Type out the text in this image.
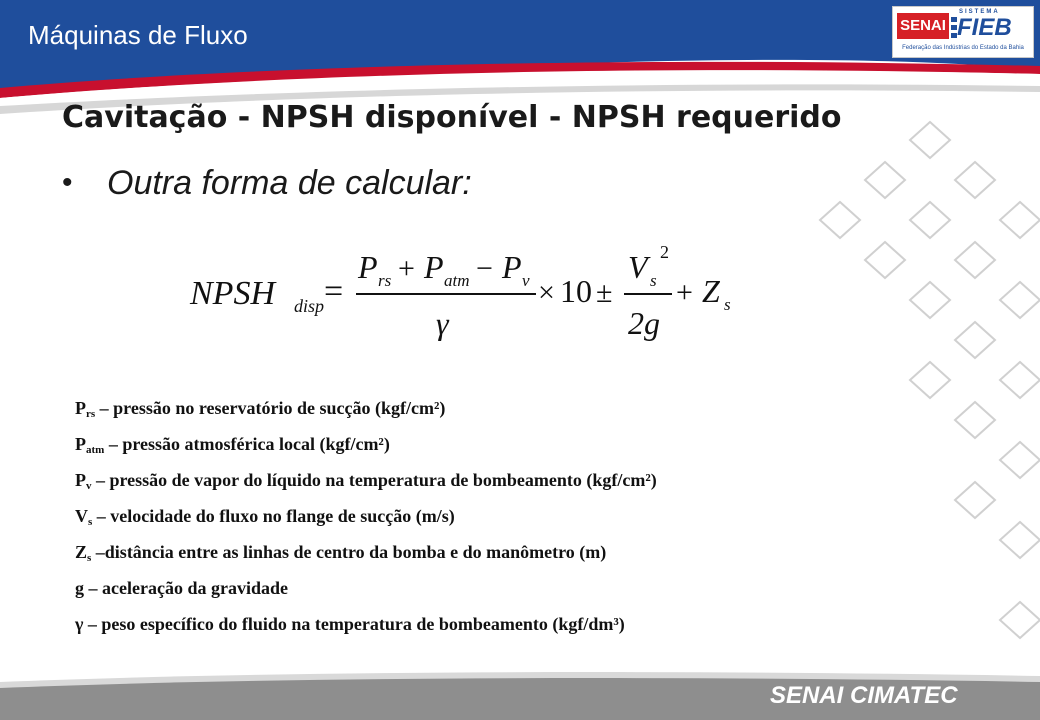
Máquinas de Fluxo	SENAI
SISTEMA
FIEB
Federação das Indústrias do Estado da Bahia
Cavitação - NPSH disponível - NPSH requerido
• Outra forma de calcular:
NPSH disp =
P rs + P atm − P v
γ
× 10 ±
V s
2
2g
+ Z s
$P_{rs}$ – pressão no reservatório de sucção (kgf/cm²)
$P_{atm}$ – pressão atmosférica local (kgf/cm²)
$P_v$ – pressão de vapor do líquido na temperatura de bombeamento (kgf/cm²)
$V_s$ – velocidade do fluxo no flange de sucção (m/s)
$Z_s$ –distância entre as linhas de centro da bomba e do manômetro (m)
g – aceleração da gravidade
γ – peso específico do fluido na temperatura de bombeamento (kgf/dm³)
SENAI CIMATEC
